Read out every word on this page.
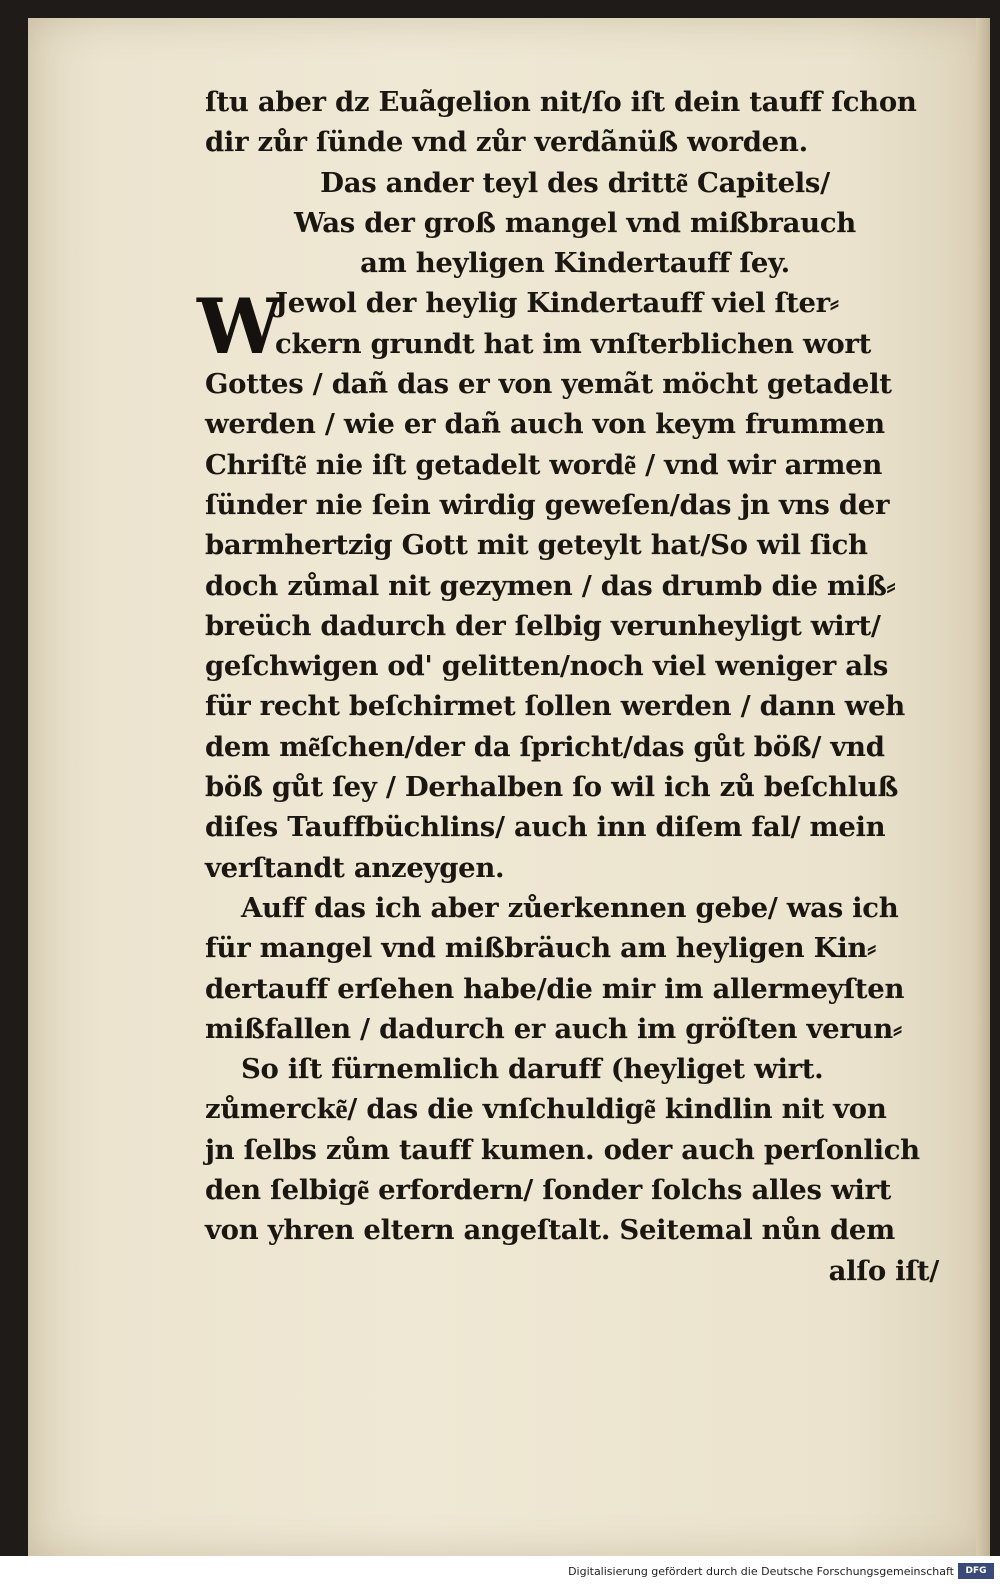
ſtu aber dz Euãgelion nit/ſo iſt dein tauff ſchon
dir zůr ſünde vnd zůr verdãnüß worden.
Das ander teyl des dritte͂ Capitels/
Was der groß mangel vnd mißbrauch
am heyligen Kindertauff ſey.
W
Jewol der heylig Kindertauff viel ſter⸗
ckern grundt hat im vnſterblichen wort
Gottes / dañ das er von yemãt möcht getadelt
werden / wie er dañ auch von keym frummen
Chriſte͂ nie iſt getadelt worde͂ / vnd wir armen
ſünder nie ſein wirdig geweſen/das jn vns der
barmhertzig Gott mit geteylt hat/So wil ſich
doch zůmal nit gezymen / das drumb die miß⸗
breüch dadurch der ſelbig verunheyligt wirt/
geſchwigen od' gelitten/noch viel weniger als
für recht beſchirmet ſollen werden / dann weh
dem me͂ſchen/der da ſpricht/das gůt böß/ vnd
böß gůt ſey / Derhalben ſo wil ich zů beſchluß
diſes Tauffbüchlins/ auch inn diſem fal/ mein
verſtandt anzeygen.
Auff das ich aber zůerkennen gebe/ was ich
für mangel vnd mißbräuch am heyligen Kin⸗
dertauff erſehen habe/die mir im allermeyſten
mißfallen / dadurch er auch im gröſten verun⸗
So iſt fürnemlich daruff (heyliget wirt.
zůmercke͂/ das die vnſchuldige͂ kindlin nit von
jn ſelbs zům tauff kumen. oder auch perſonlich
den ſelbige͂ erfordern/ ſonder ſolchs alles wirt
von yhren eltern angeſtalt. Seitemal nůn dem
alſo iſt/
Digitalisierung gefördert durch die Deutsche Forschungsgemeinschaft	DFG
